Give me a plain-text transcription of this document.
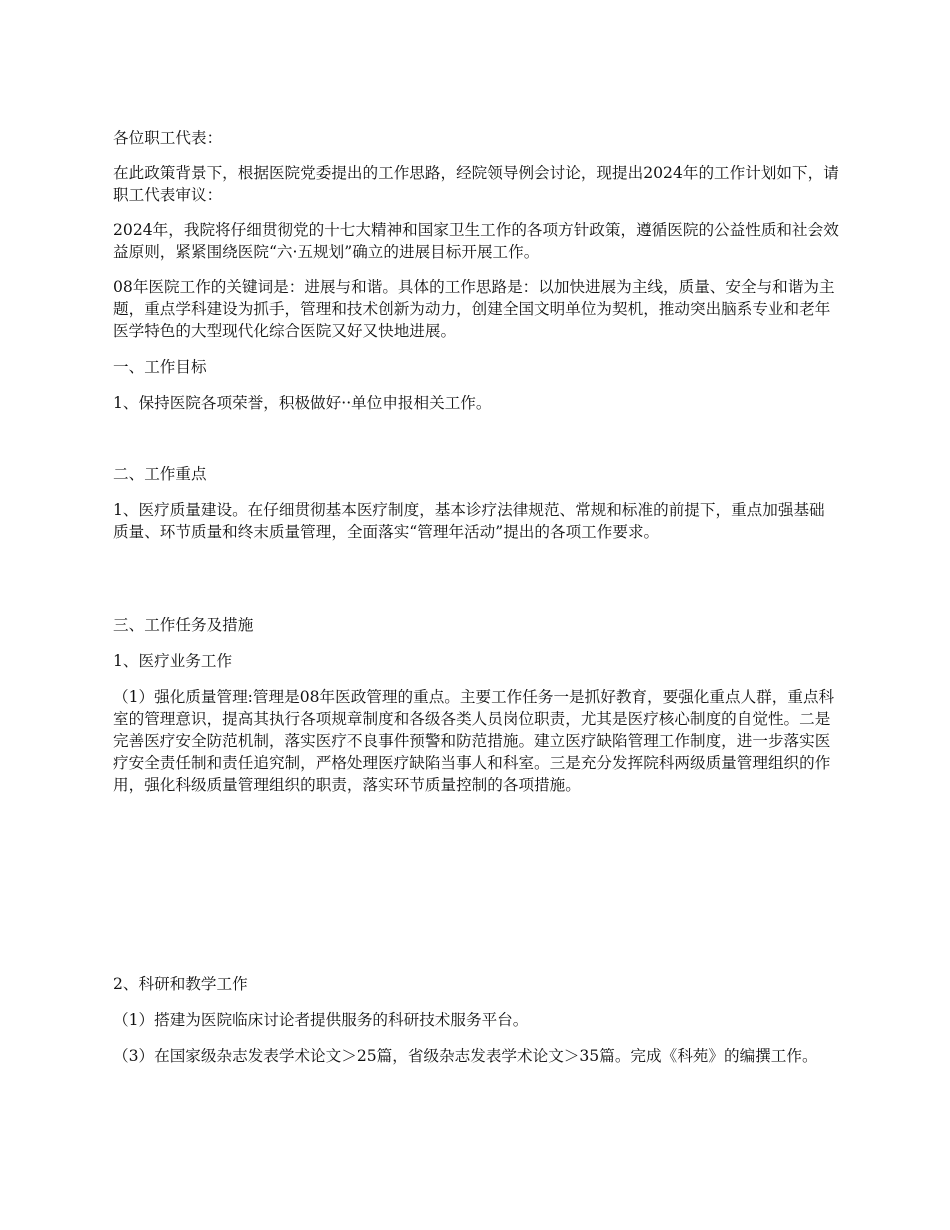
各位职工代表：

在此政策背景下，根据医院党委提出的工作思路，经院领导例会讨论，现提出2024年的工作计划如下，请职工代表审议：

2024年，我院将仔细贯彻党的十七大精神和国家卫生工作的各项方针政策，遵循医院的公益性质和社会效益原则，紧紧围绕医院“六·五规划”确立的进展目标开展工作。

08年医院工作的关键词是：进展与和谐。具体的工作思路是：以加快进展为主线，质量、安全与和谐为主题，重点学科建设为抓手，管理和技术创新为动力，创建全国文明单位为契机，推动突出脑系专业和老年医学特色的大型现代化综合医院又好又快地进展。

一、工作目标

1、保持医院各项荣誉，积极做好··单位申报相关工作。

二、工作重点

1、医疗质量建设。在仔细贯彻基本医疗制度，基本诊疗法律规范、常规和标准的前提下，重点加强基础质量、环节质量和终末质量管理，全面落实“管理年活动”提出的各项工作要求。

三、工作任务及措施

1、医疗业务工作

（1）强化质量管理:管理是08年医政管理的重点。主要工作任务一是抓好教育，要强化重点人群，重点科室的管理意识，提高其执行各项规章制度和各级各类人员岗位职责，尤其是医疗核心制度的自觉性。二是完善医疗安全防范机制，落实医疗不良事件预警和防范措施。建立医疗缺陷管理工作制度，进一步落实医疗安全责任制和责任追究制，严格处理医疗缺陷当事人和科室。三是充分发挥院科两级质量管理组织的作用，强化科级质量管理组织的职责，落实环节质量控制的各项措施。

2、科研和教学工作

（1）搭建为医院临床讨论者提供服务的科研技术服务平台。

（3）在国家级杂志发表学术论文＞25篇，省级杂志发表学术论文＞35篇。完成《科苑》的编撰工作。
